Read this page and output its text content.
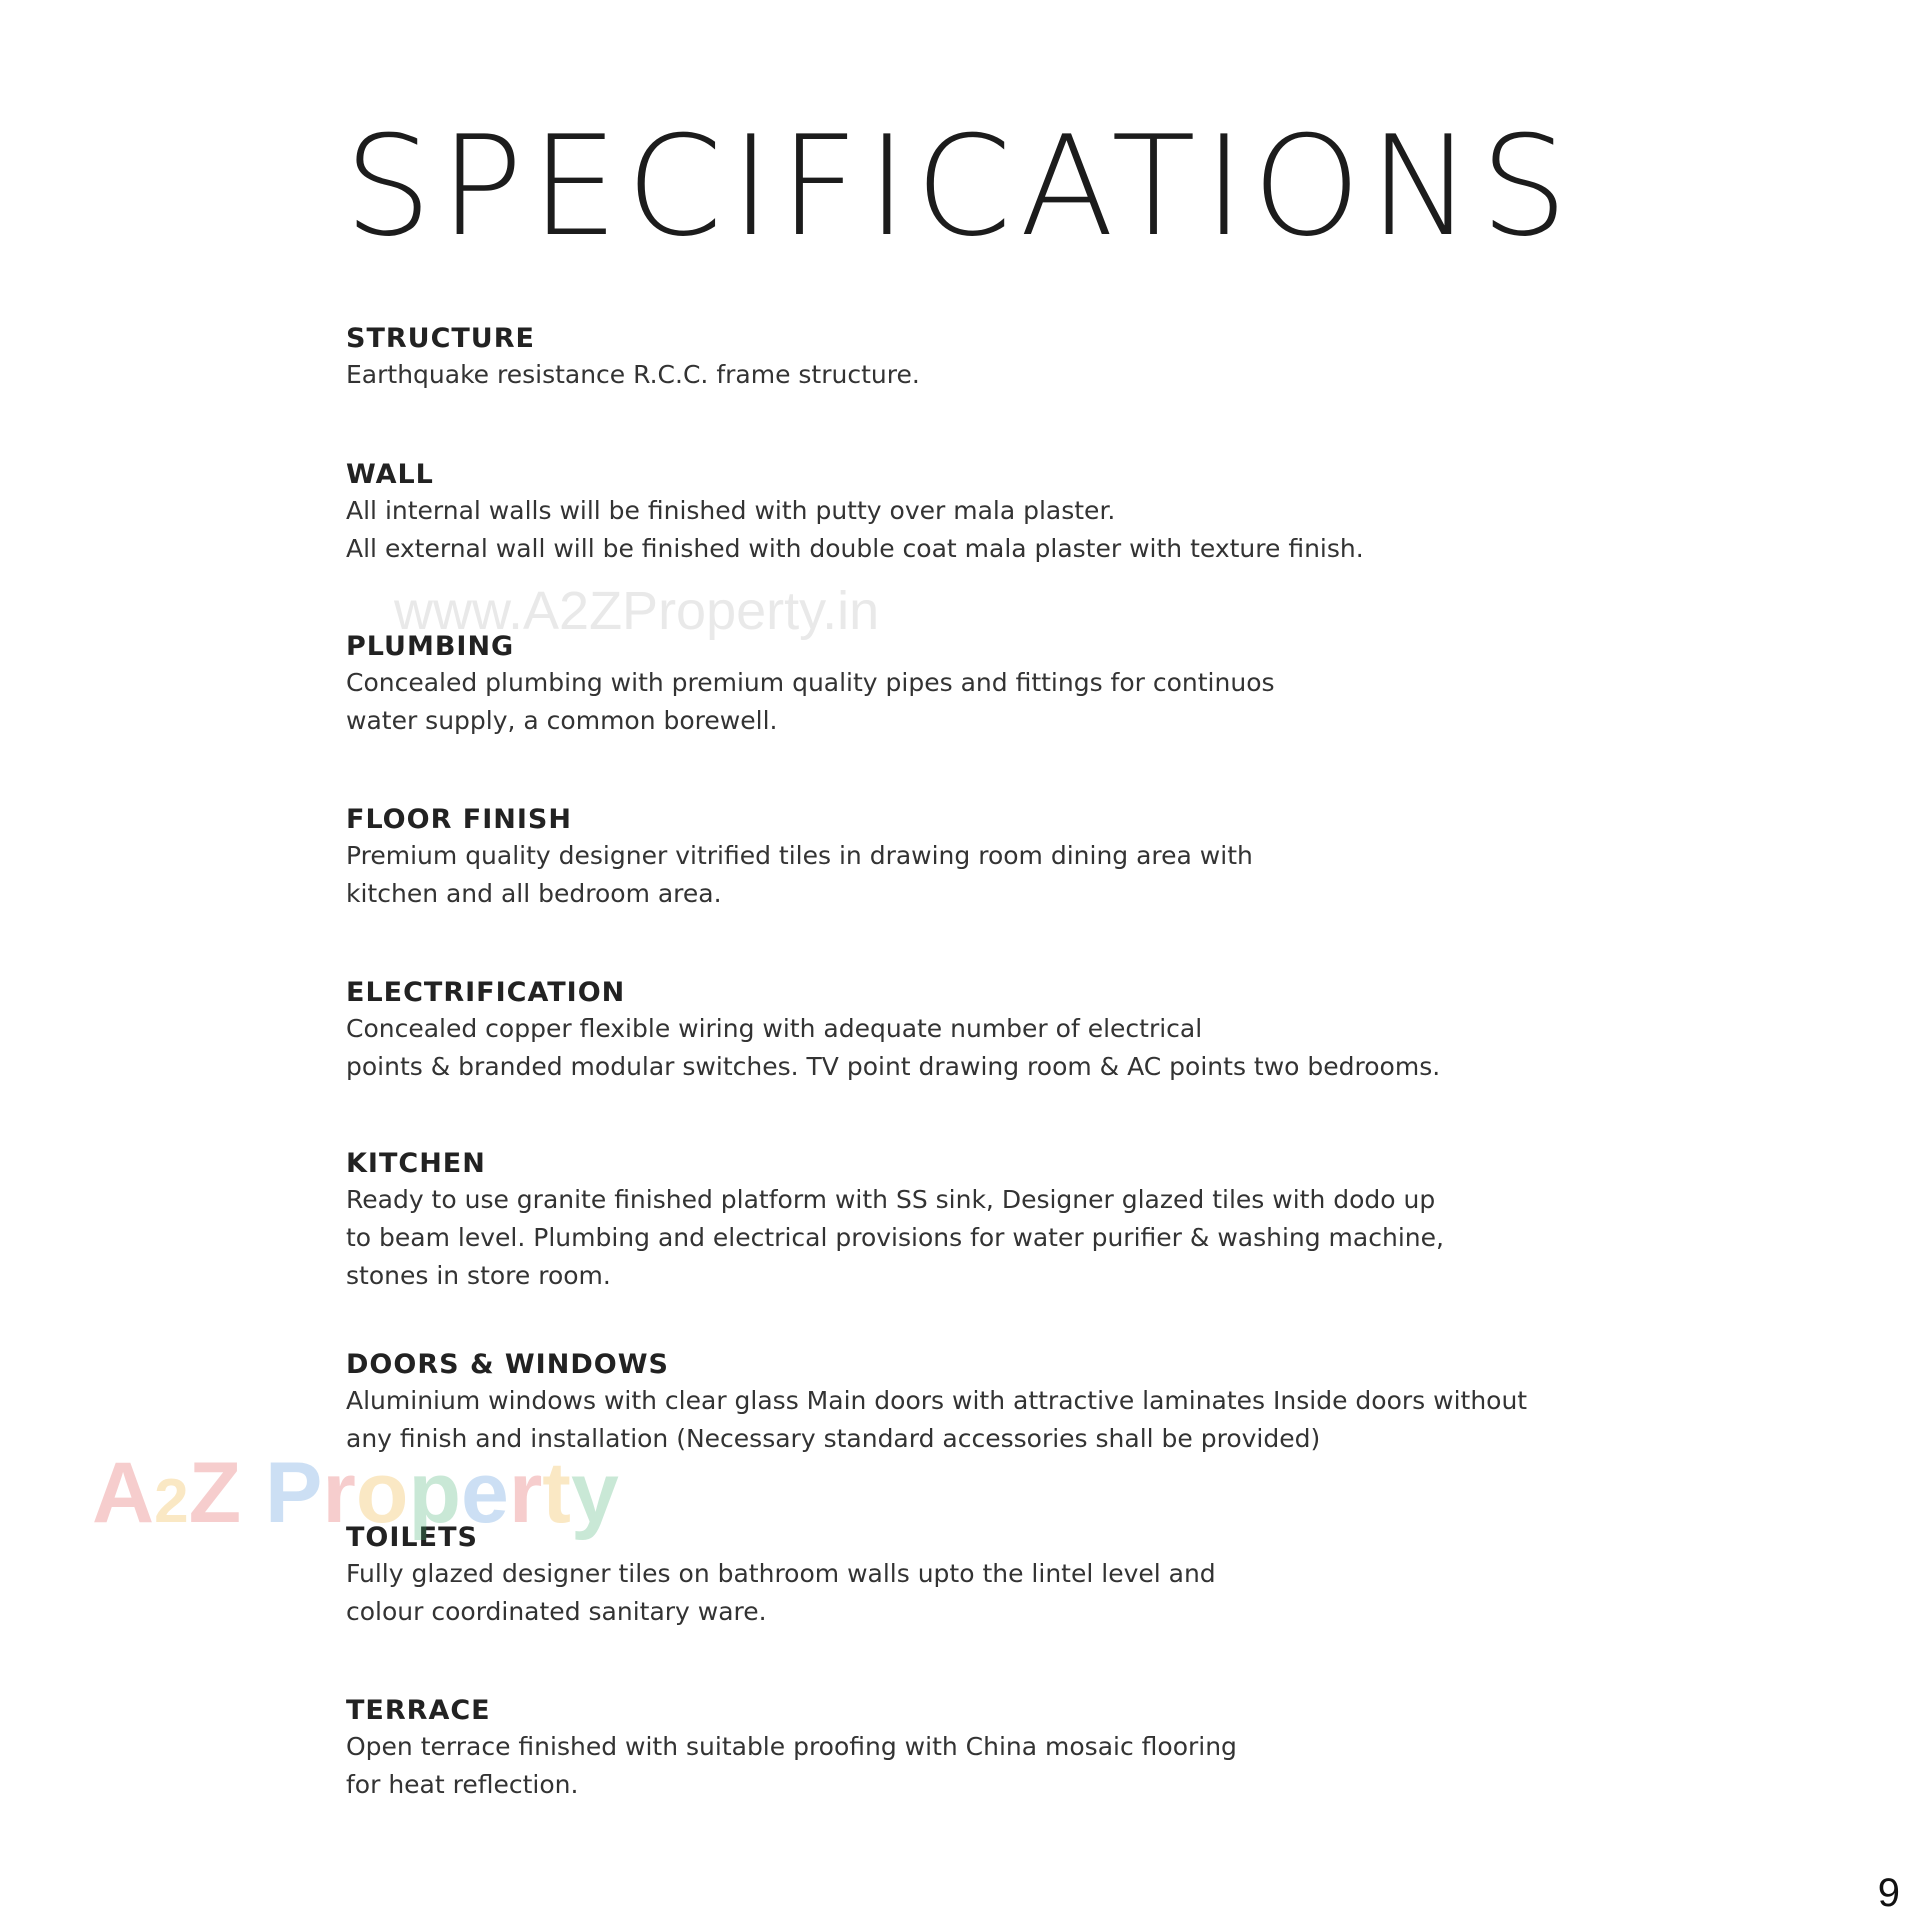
SPECIFICATIONS
www.A2ZProperty.in

STRUCTURE

Earthquake resistance R.C.C. frame structure.

WALL

All internal walls will be finished with putty over mala plaster.

All external wall will be finished with double coat mala plaster with texture finish.

PLUMBING

Concealed plumbing with premium quality pipes and fittings for continuos

water supply, a common borewell.

FLOOR FINISH

Premium quality designer vitrified tiles in drawing room dining area with

kitchen and all bedroom area.

ELECTRIFICATION

Concealed copper flexible wiring with adequate number of electrical

points & branded modular switches. TV point drawing room & AC points two bedrooms.

KITCHEN

Ready to use granite finished platform with SS sink, Designer glazed tiles with dodo up

to beam level. Plumbing and electrical provisions for water purifier & washing machine,

stones in store room.

DOORS & WINDOWS

Aluminium windows with clear glass Main doors with attractive laminates Inside doors without

any finish and installation (Necessary standard accessories shall be provided)

TOILETS

Fully glazed designer tiles on bathroom walls upto the lintel level and

colour coordinated sanitary ware.

TERRACE

Open terrace finished with suitable proofing with China mosaic flooring

for heat reflection.

A2Z Property
9
